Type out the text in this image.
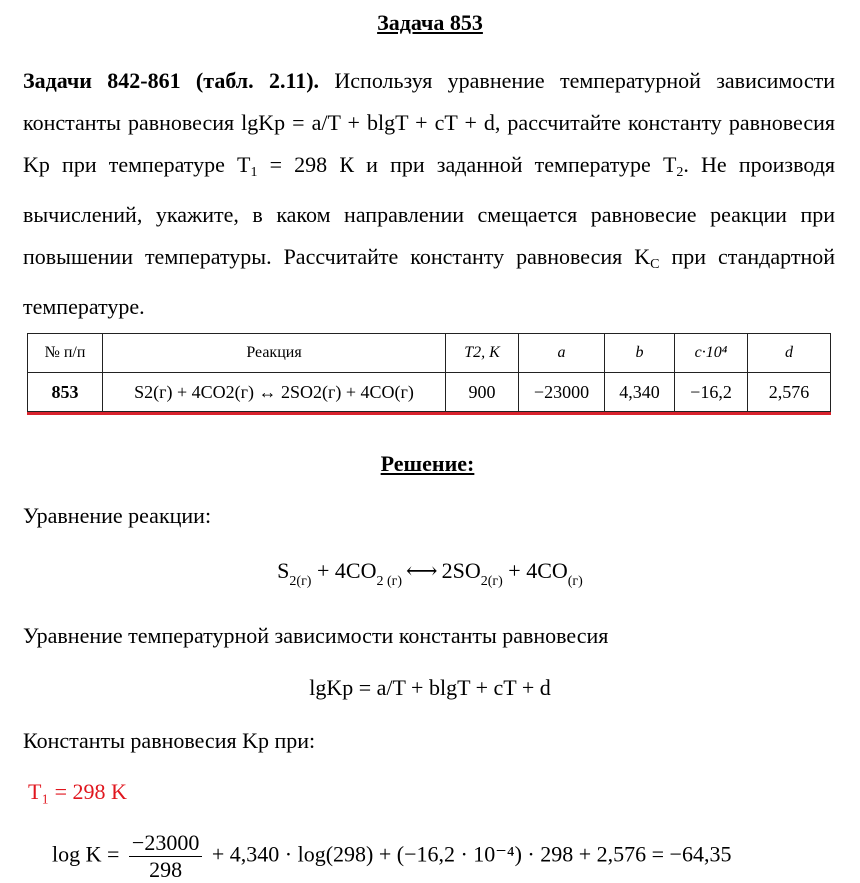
Задача 853
Задачи 842-861 (табл. 2.11). Используя уравнение температурной зависимости константы равновесия lgKp = a/T + blgT + cT + d, рассчитайте константу равновесия Kp при температуре $T_1 = 298$ К и при заданной температуре $T_2$. Не производя вычислений, укажите, в каком направлении смещается равновесие реакции при повышении температуры. Рассчитайте константу равновесия $K_C$ при стандартной температуре.
№ п/п	Реакция	T2, K	a	b	c·10⁴	d
853	S2(г) + 4CO2(г) ↔ 2SO2(г) + 4CO(г)	900	−23000	4,340	−16,2	2,576
Решение:
Уравнение реакции:
$S_{2(г)} + 4CO_{2 (г)}$ ⟷ $2SO_{2(г)} + 4CO_{(г)}$
Уравнение температурной зависимости константы равновесия
lgKp = a/T + blgT + cT + d
Константы равновесия Kр при:
T₁ = 298 K
$\log K = \frac{-23000}{298} + 4,340 \cdot \log(298) + (-16,2 \cdot 10^{-4}) \cdot 298 + 2,576 = -64,35$
